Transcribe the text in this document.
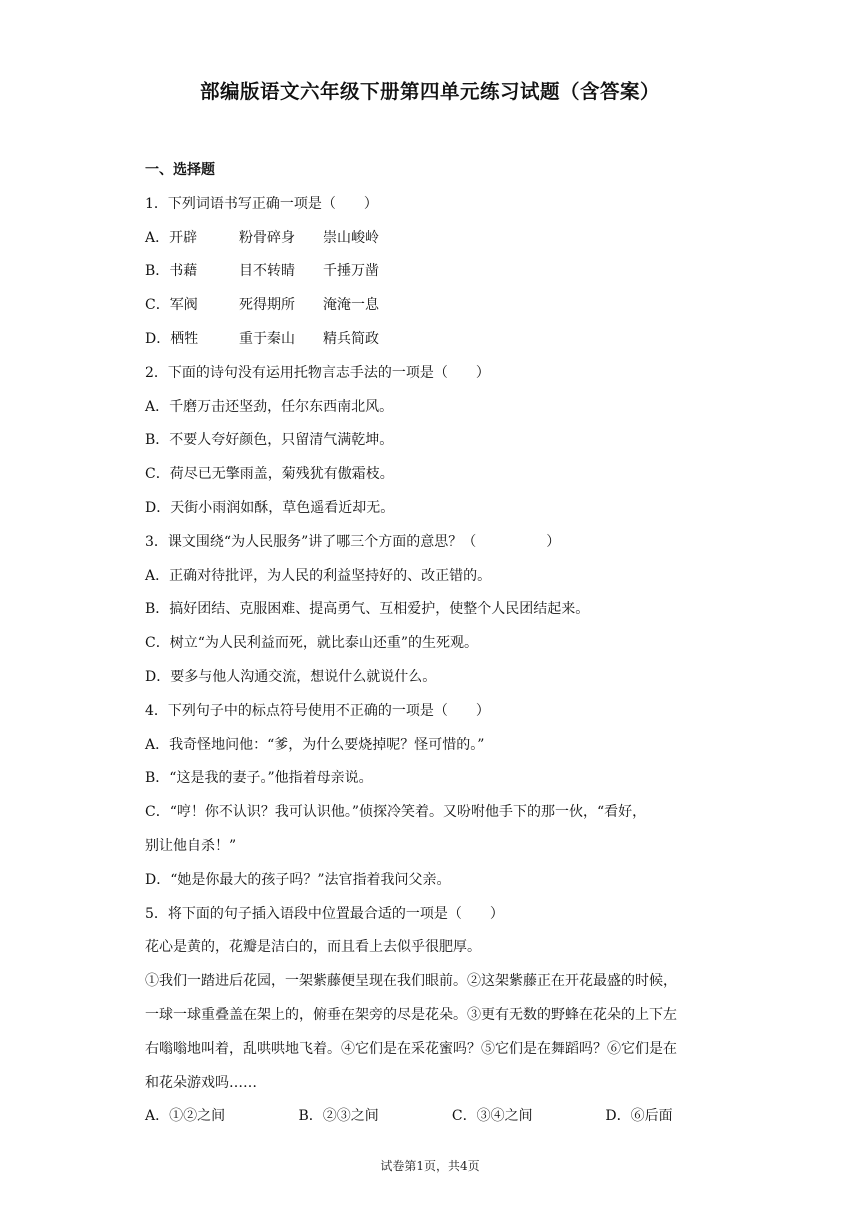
部编版语文六年级下册第四单元练习试题（含答案）
一、选择题
1．下列词语书写正确一项是（　　）
A．开辟	粉骨碎身	崇山峻岭
B．书藉	目不转睛	千捶万凿
C．军阀	死得期所	淹淹一息
D．栖牲	重于秦山	精兵简政
2．下面的诗句没有运用托物言志手法的一项是（　　）
A．千磨万击还坚劲，任尔东西南北风。
B．不要人夸好颜色，只留清气满乾坤。
C．荷尽已无擎雨盖，菊残犹有傲霜枝。
D．天街小雨润如酥，草色遥看近却无。
3．课文围绕“为人民服务”讲了哪三个方面的意思？（　　　　　）
A．正确对待批评，为人民的利益坚持好的、改正错的。
B．搞好团结、克服困难、提高勇气、互相爱护，使整个人民团结起来。
C．树立“为人民利益而死，就比泰山还重”的生死观。
D．要多与他人沟通交流，想说什么就说什么。
4．下列句子中的标点符号使用不正确的一项是（　　）
A．我奇怪地问他：“爹，为什么要烧掉呢？怪可惜的。”
B．“这是我的妻子。”他指着母亲说。
C．“哼！你不认识？我可认识他。”侦探冷笑着。又吩咐他手下的那一伙，“看好，
别让他自杀！”
D．“她是你最大的孩子吗？”法官指着我问父亲。
5．将下面的句子插入语段中位置最合适的一项是（　　）
花心是黄的，花瓣是洁白的，而且看上去似乎很肥厚。
①我们一踏进后花园，一架紫藤便呈现在我们眼前。②这架紫藤正在开花最盛的时候，
一球一球重叠盖在架上的，俯垂在架旁的尽是花朵。③更有无数的野蜂在花朵的上下左
右嗡嗡地叫着，乱哄哄地飞着。④它们是在采花蜜吗？⑤它们是在舞蹈吗？⑥它们是在
和花朵游戏吗……
A．①②之间	B．②③之间	C．③④之间	D．⑥后面
试卷第1页，共4页
